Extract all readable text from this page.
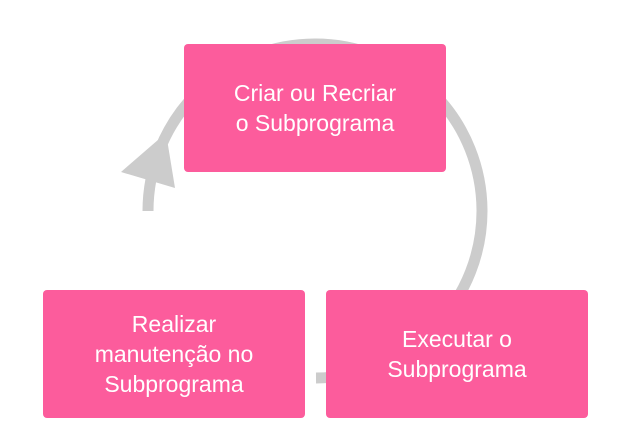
Criar ou Recriar
o Subprograma
Executar o
Subprograma
Realizar
manutenção no
Subprograma
